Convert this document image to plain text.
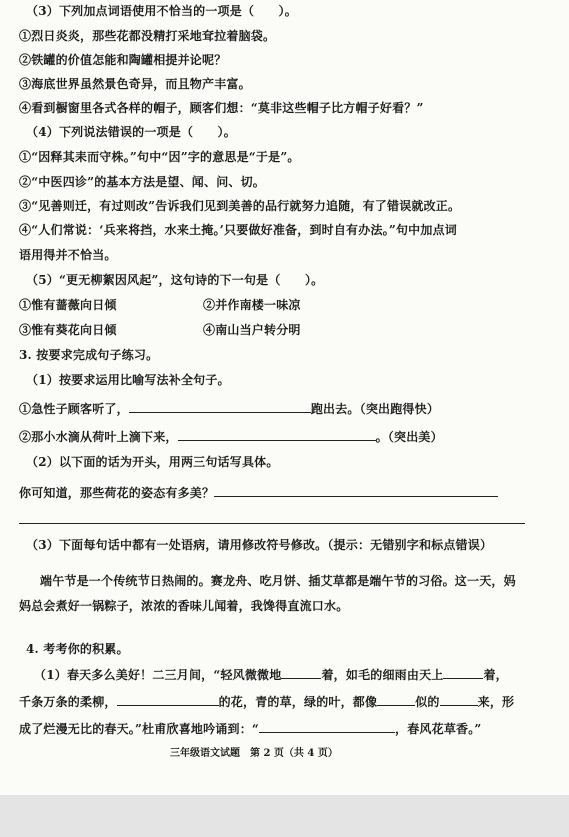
（3）下列加点词语使用不恰当的一项是（　　）。
①烈日炎炎，那些花都没精打采地耷拉着脑袋。
②铁罐的价值怎能和陶罐相提并论呢？
③海底世界虽然景色奇异，而且物产丰富。
④看到橱窗里各式各样的帽子，顾客们想：“莫非这些帽子比方帽子好看？”
（4）下列说法错误的一项是（　　）。
①“因释其耒而守株。”句中“因”字的意思是“于是”。
②“中医四诊”的基本方法是望、闻、问、切。
③“见善则迁，有过则改”告诉我们见到美善的品行就努力追随，有了错误就改正。
④“人们常说：‘兵来将挡，水来土掩。’只要做好准备，到时自有办法。”句中加点词
语用得并不恰当。
（5）“更无柳絮因风起”，这句诗的下一句是（　　）。
①惟有蔷薇向日倾	②并作南楼一味凉
③惟有葵花向日倾	④南山当户转分明
3. 按要求完成句子练习。
（1）按要求运用比喻写法补全句子。
①急性子顾客听了，	跑出去。（突出跑得快）
②那小水滴从荷叶上滴下来，	。（突出美）
（2）以下面的话为开头，用两三句话写具体。
你可知道，那些荷花的姿态有多美？
（3）下面每句话中都有一处语病，请用修改符号修改。（提示：无错别字和标点错误）
端午节是一个传统节日热闹的。赛龙舟、吃月饼、插艾草都是端午节的习俗。这一天，妈
妈总会煮好一锅粽子，浓浓的香味儿闻着，我馋得直流口水。
4. 考考你的积累。
（1）春天多么美好！二三月间，“轻风微微地	着，如毛的细雨由天上	着，
千条万条的柔柳，	的花，青的草，绿的叶，都像	似的	来，形
成了烂漫无比的春天。”杜甫欣喜地吟诵到：“	，春风花草香。”
三年级语文试题　第 2 页（共 4 页）
